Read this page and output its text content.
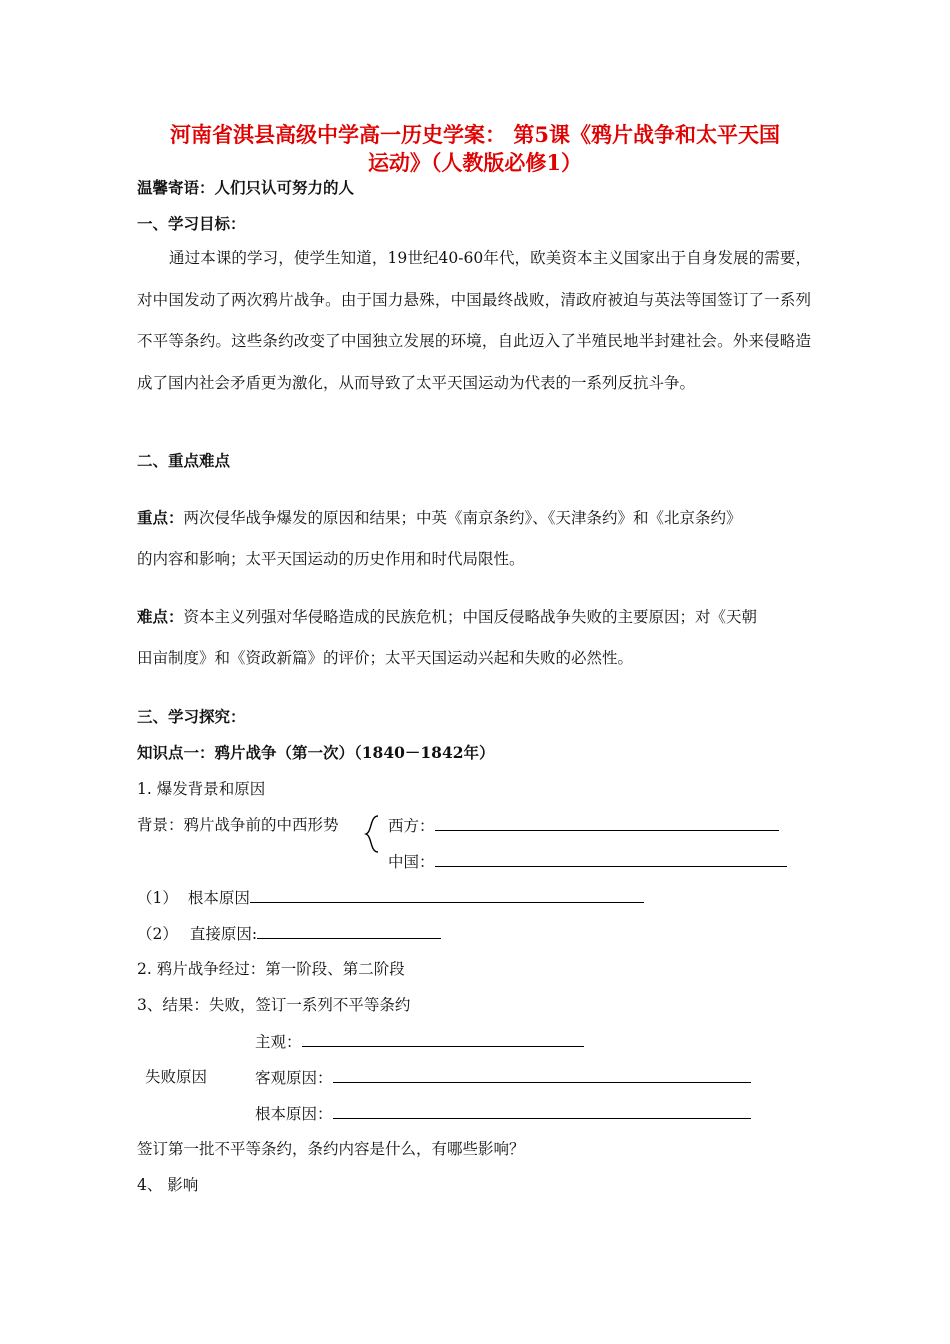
河南省淇县高级中学高一历史学案： 第5课《鸦片战争和太平天国
运动》（人教版必修1）
温馨寄语：人们只认可努力的人
一、学习目标：
通过本课的学习，使学生知道，19世纪40-60年代，欧美资本主义国家出于自身发展的需要，对中国发动了两次鸦片战争。由于国力悬殊，中国最终战败，清政府被迫与英法等国签订了一系列不平等条约。这些条约改变了中国独立发展的环境，自此迈入了半殖民地半封建社会。外来侵略造成了国内社会矛盾更为激化，从而导致了太平天国运动为代表的一系列反抗斗争。
二、重点难点
重点：两次侵华战争爆发的原因和结果；中英《南京条约》、《天津条约》和《北京条约》
的内容和影响；太平天国运动的历史作用和时代局限性。
难点：资本主义列强对华侵略造成的民族危机；中国反侵略战争失败的主要原因；对《天朝
田亩制度》和《资政新篇》的评价；太平天国运动兴起和失败的必然性。
三、学习探究：
知识点一：鸦片战争（第一次）（1840－1842年）
1. 爆发背景和原因
背景：鸦片战争前的中西形势	西方：
中国：
（1） 根本原因
（2） 直接原因:
2. 鸦片战争经过：第一阶段、第二阶段
3、结果：失败，签订一系列不平等条约
主观：
失败原因	客观原因：
根本原因：
签订第一批不平等条约，条约内容是什么，有哪些影响？
4、 影响
